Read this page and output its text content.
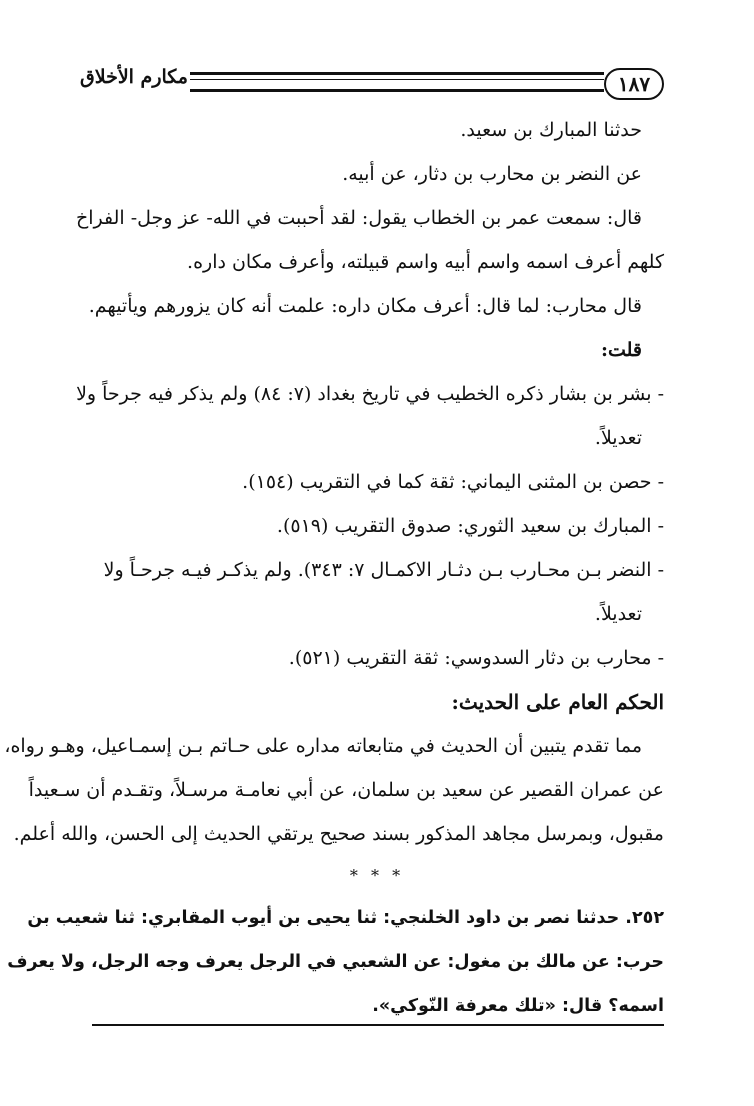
١٨٧
مكارم الأخلاق

حدثنا المبارك بن سعيد.

عن النضر بن محارب بن دثار، عن أبيه.

قال: سمعت عمر بن الخطاب يقول: لقد أحببت في الله- عز وجل- الفراخ

كلهم أعرف اسمه واسم أبيه واسم قبيلته، وأعرف مكان داره.

قال محارب: لما قال: أعرف مكان داره: علمت أنه كان يزورهم ويأتيهم.

قلت:

- بشر بن بشار ذكره الخطيب في تاريخ بغداد (٧: ٨٤) ولم يذكر فيه جرحاً ولا

تعديلاً.

- حصن بن المثنى اليماني: ثقة كما في التقريب (١٥٤).

- المبارك بن سعيد الثوري: صدوق التقريب (٥١٩).

- النضر بـن محـارب بـن دثـار الاكمـال ٧: ٣٤٣). ولم يذكـر فيـه جرحـاً ولا

تعديلاً.

- محارب بن دثار السدوسي: ثقة التقريب (٥٢١).

الحكم العام على الحديث:

مما تقدم يتبين أن الحديث في متابعاته مداره على حـاتم بـن إسمـاعيل، وهـو رواه،

عن عمران القصير عن سعيد بن سلمان، عن أبي نعامـة مرسـلاً، وتقـدم أن سـعيداً

مقبول، وبمرسل مجاهد المذكور بسند صحيح يرتقي الحديث إلى الحسن، والله أعلم.

* * *

٢٥٢. حدثنا نصر بن داود الخلنجي: ثنا يحيى بن أيوب المقابري: ثنا شعيب بن

حرب: عن مالك بن مغول: عن الشعبي في الرجل يعرف وجه الرجل، ولا يعرف

اسمه؟ قال: «تلك معرفة النّوكي».
